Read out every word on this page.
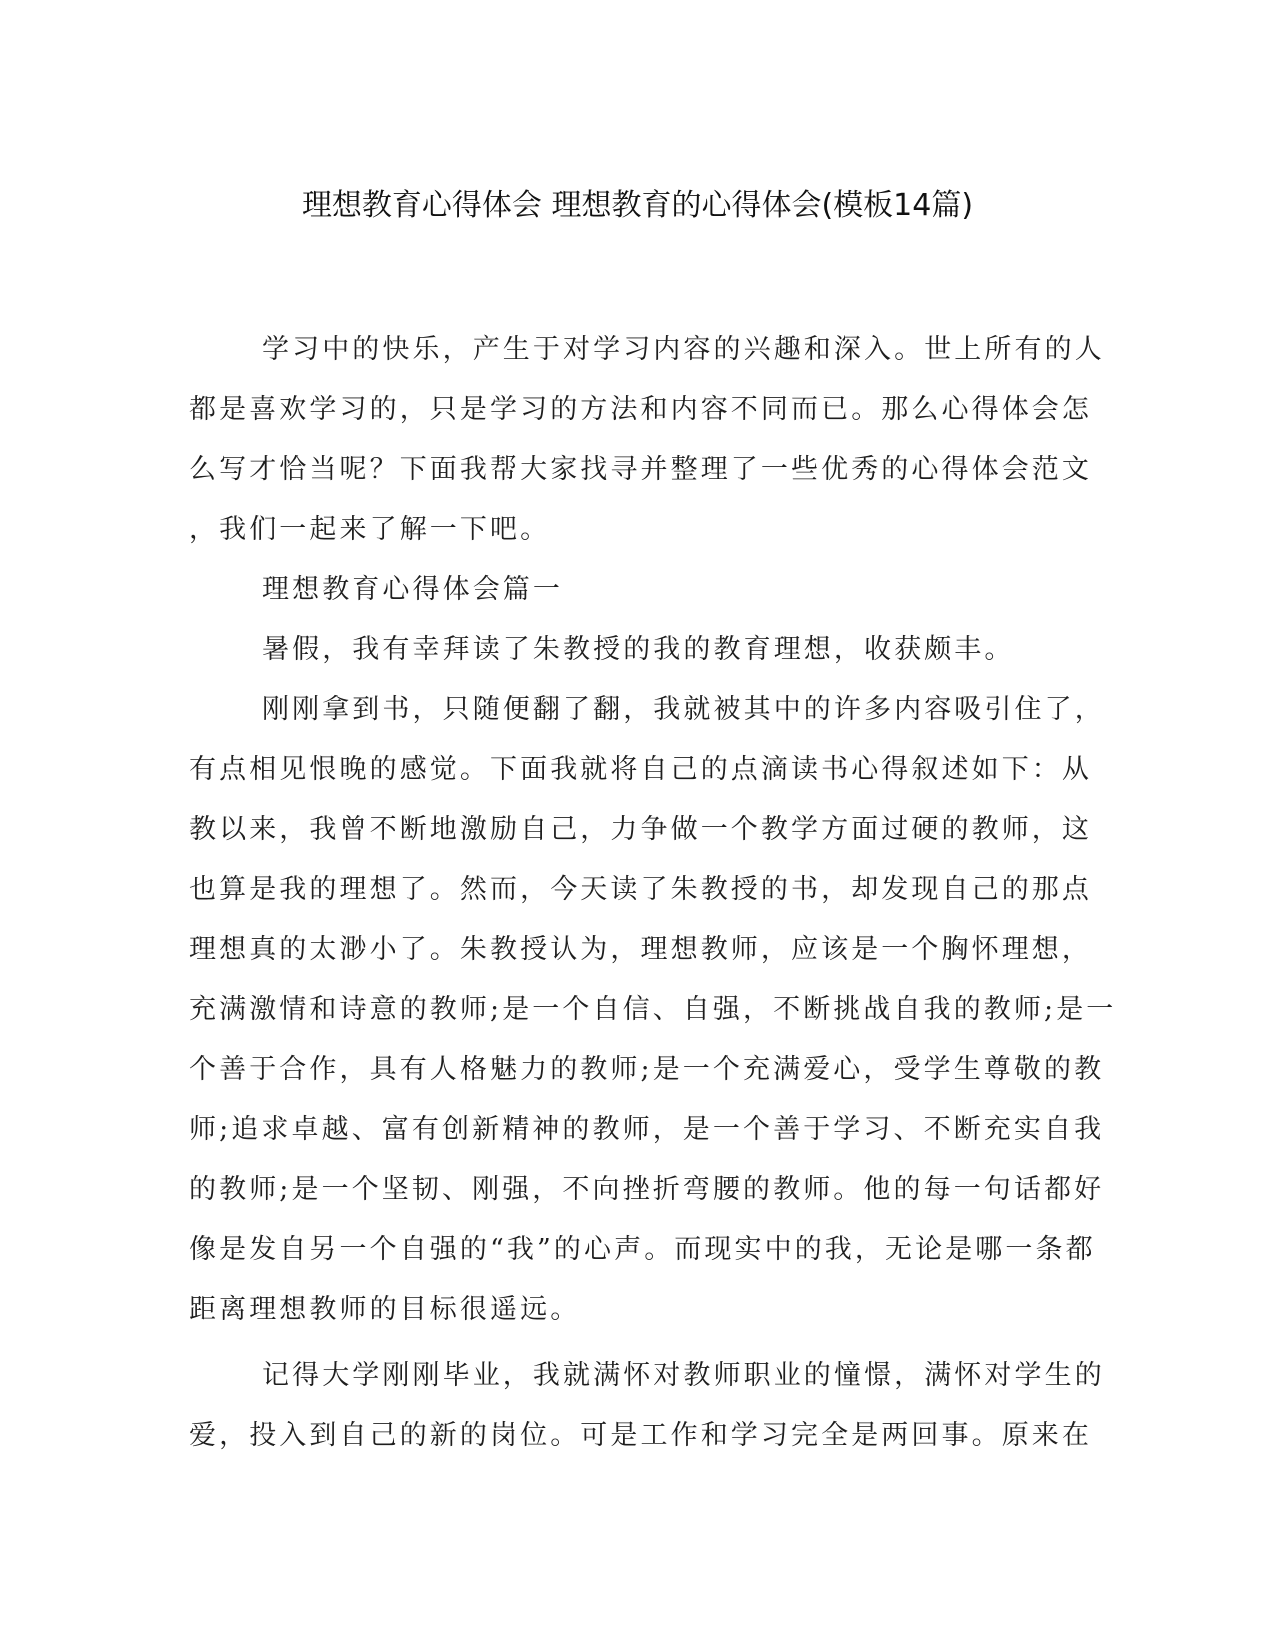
理想教育心得体会 理想教育的心得体会(模板14篇)

学习中的快乐，产生于对学习内容的兴趣和深入。世上所有的人

都是喜欢学习的，只是学习的方法和内容不同而已。那么心得体会怎

么写才恰当呢？下面我帮大家找寻并整理了一些优秀的心得体会范文

，我们一起来了解一下吧。

理想教育心得体会篇一

暑假，我有幸拜读了朱教授的我的教育理想，收获颇丰。

刚刚拿到书，只随便翻了翻，我就被其中的许多内容吸引住了，

有点相见恨晚的感觉。下面我就将自己的点滴读书心得叙述如下：从

教以来，我曾不断地激励自己，力争做一个教学方面过硬的教师，这

也算是我的理想了。然而，今天读了朱教授的书，却发现自己的那点

理想真的太渺小了。朱教授认为，理想教师，应该是一个胸怀理想，

充满激情和诗意的教师;是一个自信、自强，不断挑战自我的教师;是一

个善于合作，具有人格魅力的教师;是一个充满爱心，受学生尊敬的教

师;追求卓越、富有创新精神的教师，是一个善于学习、不断充实自我

的教师;是一个坚韧、刚强，不向挫折弯腰的教师。他的每一句话都好

像是发自另一个自强的“我”的心声。而现实中的我，无论是哪一条都

距离理想教师的目标很遥远。

记得大学刚刚毕业，我就满怀对教师职业的憧憬，满怀对学生的

爱，投入到自己的新的岗位。可是工作和学习完全是两回事。原来在
